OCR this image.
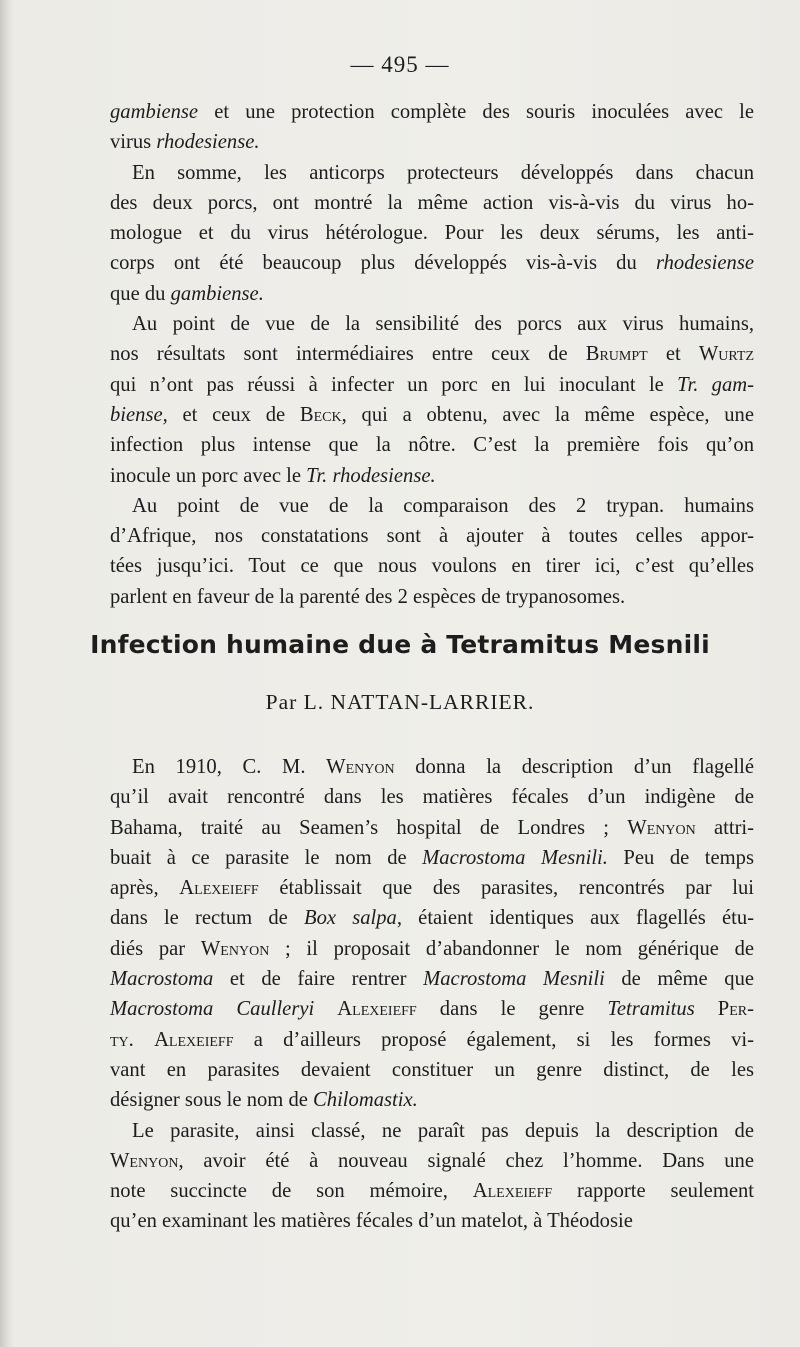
— 495 —
gambiense et une protection complète des souris inoculées avec le
virus rhodesiense.
En somme, les anticorps protecteurs développés dans chacun
des deux porcs, ont montré la même action vis-à-vis du virus ho-
mologue et du virus hétérologue. Pour les deux sérums, les anti-
corps ont été beaucoup plus développés vis-à-vis du rhodesiense
que du gambiense.
Au point de vue de la sensibilité des porcs aux virus humains,
nos résultats sont intermédiaires entre ceux de Brumpt et Wurtz
qui n’ont pas réussi à infecter un porc en lui inoculant le Tr. gam-
biense, et ceux de Beck, qui a obtenu, avec la même espèce, une
infection plus intense que la nôtre. C’est la première fois qu’on
inocule un porc avec le Tr. rhodesiense.
Au point de vue de la comparaison des 2 trypan. humains
d’Afrique, nos constatations sont à ajouter à toutes celles appor-
tées jusqu’ici. Tout ce que nous voulons en tirer ici, c’est qu’elles
parlent en faveur de la parenté des 2 espèces de trypanosomes.
Infection humaine due à Tetramitus Mesnili
Par L. NATTAN-LARRIER.
En 1910, C. M. Wenyon donna la description d’un flagellé
qu’il avait rencontré dans les matières fécales d’un indigène de
Bahama, traité au Seamen’s hospital de Londres ; Wenyon attri-
buait à ce parasite le nom de Macrostoma Mesnili. Peu de temps
après, Alexeieff établissait que des parasites, rencontrés par lui
dans le rectum de Box salpa, étaient identiques aux flagellés étu-
diés par Wenyon ; il proposait d’abandonner le nom générique de
Macrostoma et de faire rentrer Macrostoma Mesnili de même que
Macrostoma Caulleryi Alexeieff dans le genre Tetramitus Per-
ty. Alexeieff a d’ailleurs proposé également, si les formes vi-
vant en parasites devaient constituer un genre distinct, de les
désigner sous le nom de Chilomastix.
Le parasite, ainsi classé, ne paraît pas depuis la description de
Wenyon, avoir été à nouveau signalé chez l’homme. Dans une
note succincte de son mémoire, Alexeieff rapporte seulement
qu’en examinant les matières fécales d’un matelot, à Théodosie
